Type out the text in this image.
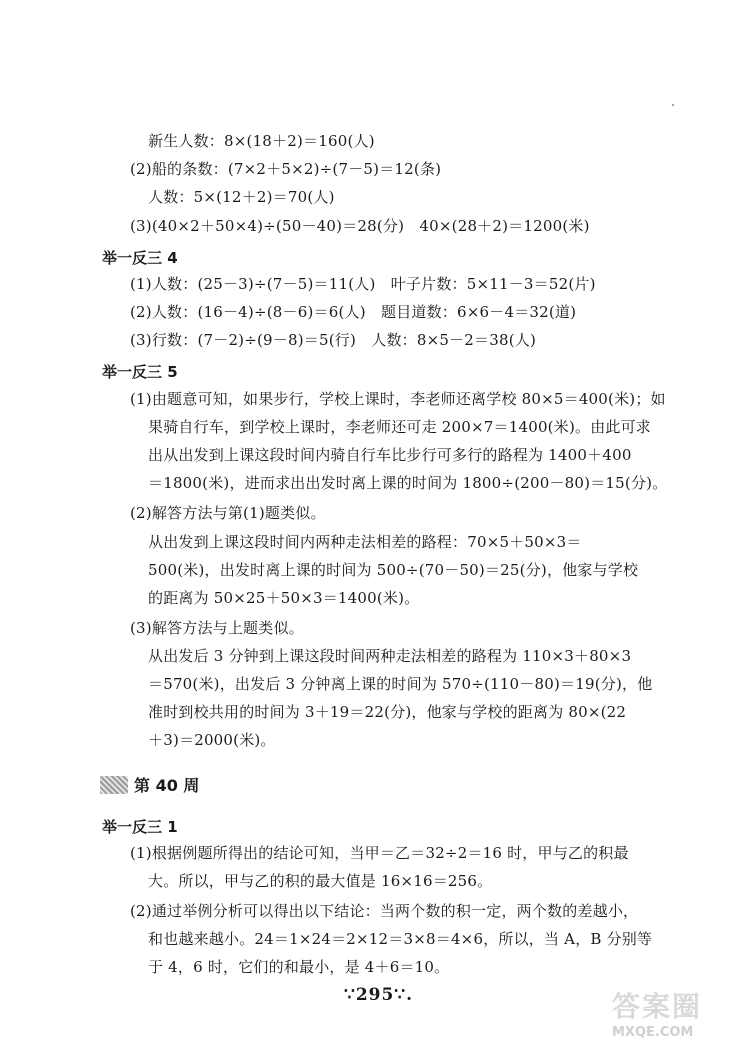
新生人数：8×(18＋2)＝160(人)
(2)船的条数：(7×2＋5×2)÷(7－5)＝12(条)
人数：5×(12＋2)＝70(人)
(3)(40×2＋50×4)÷(50－40)＝28(分)　40×(28＋2)＝1200(米)
举一反三 4
(1)人数：(25－3)÷(7－5)＝11(人)　叶子片数：5×11－3＝52(片)
(2)人数：(16－4)÷(8－6)＝6(人)　题目道数：6×6－4＝32(道)
(3)行数：(7－2)÷(9－8)＝5(行)　人数：8×5－2＝38(人)
举一反三 5
(1)由题意可知，如果步行，学校上课时，李老师还离学校 80×5＝400(米)；如
果骑自行车，到学校上课时，李老师还可走 200×7＝1400(米)。由此可求
出从出发到上课这段时间内骑自行车比步行可多行的路程为 1400＋400
＝1800(米)，进而求出出发时离上课的时间为 1800÷(200－80)＝15(分)。
(2)解答方法与第(1)题类似。
从出发到上课这段时间内两种走法相差的路程：70×5＋50×3＝
500(米)，出发时离上课的时间为 500÷(70－50)＝25(分)，他家与学校
的距离为 50×25＋50×3＝1400(米)。
(3)解答方法与上题类似。
从出发后 3 分钟到上课这段时间两种走法相差的路程为 110×3＋80×3
＝570(米)，出发后 3 分钟离上课的时间为 570÷(110－80)＝19(分)，他
准时到校共用的时间为 3＋19＝22(分)，他家与学校的距离为 80×(22
＋3)＝2000(米)。
第 40 周
举一反三 1
(1)根据例题所得出的结论可知，当甲＝乙＝32÷2＝16 时，甲与乙的积最
大。所以，甲与乙的积的最大值是 16×16＝256。
(2)通过举例分析可以得出以下结论：当两个数的积一定，两个数的差越小，
和也越来越小。24＝1×24＝2×12＝3×8＝4×6，所以，当 A，B 分别等
于 4，6 时，它们的和最小，是 4＋6＝10。
∵295∵.	答案圈
MXQE.COM
